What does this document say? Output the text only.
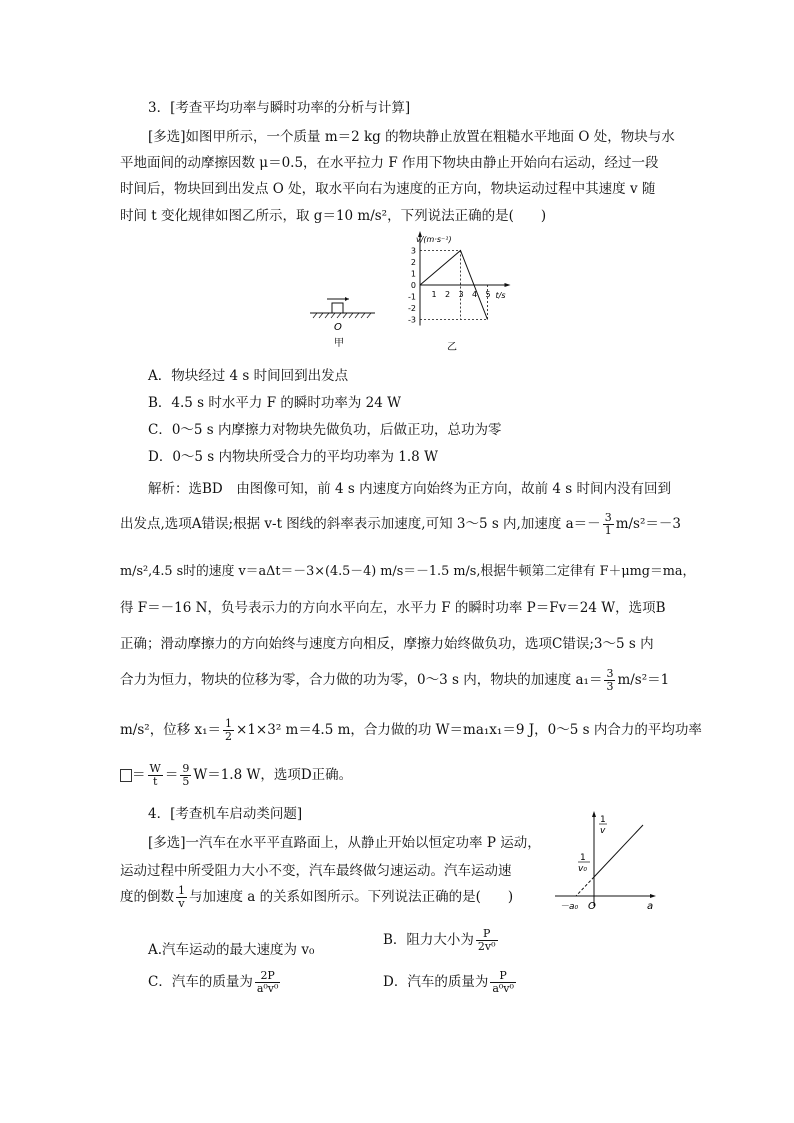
3．[考查平均功率与瞬时功率的分析与计算]
[多选]如图甲所示，一个质量 m＝2 kg 的物块静止放置在粗糙水平地面 O 处，物块与水
平地面间的动摩擦因数 μ＝0.5，在水平拉力 F 作用下物块由静止开始向右运动，经过一段
时间后，物块回到出发点 O 处，取水平向右为速度的正方向，物块运动过程中其速度 v 随
时间 t 变化规律如图乙所示，取 g＝10 m/s²，下列说法正确的是(　　)
O
甲
v/(m·s⁻¹)
t/s
3
2
1
0
-1
-2
-3
1 2 3 4 5
乙
A．物块经过 4 s 时间回到出发点
B．4.5 s 时水平力 F 的瞬时功率为 24 W
C．0～5 s 内摩擦力对物块先做负功，后做正功，总功为零
D．0～5 s 内物块所受合力的平均功率为 1.8 W
解析：选BD　由图像可知，前 4 s 内速度方向始终为正方向，故前 4 s 时间内没有回到
出发点,选项A错误;根据 v-t 图线的斜率表示加速度,可知 3～5 s 内,加速度 $a=- \frac{3}{1} m/s^2=-3$
m/s²,4.5 s时的速度 v＝aΔt＝－3×(4.5－4) m/s＝－1.5 m/s,根据牛顿第二定律有 F＋μmg＝ma，
得 F＝－16 N，负号表示力的方向水平向左，水平力 F 的瞬时功率 P＝Fv＝24 W，选项B
正确；滑动摩擦力的方向始终与速度方向相反，摩擦力始终做负功，选项C错误;3～5 s 内
合力为恒力，物块的位移为零，合力做的功为零，0～3 s 内，物块的加速度 $a_1= \frac{3}{3} m/s^2=1$
m/s²，位移 $x_1= \frac{1}{2} \times 1\times 3^2$ m＝4.5 m，合力做的功 W＝ma₁x₁＝9 J，0～5 s 内合力的平均功率
＝ $\frac{W}{t} = \frac{9}{5} W=1.8$ W，选项D正确。
4．[考查机车启动类问题]
[多选]一汽车在水平平直路面上，从静止开始以恒定功率 P 运动，
运动过程中所受阻力大小不变，汽车最终做匀速运动。汽车运动速
度的倒数 $\frac{1}{v}$ 与加速度 a 的关系如图所示。下列说法正确的是(　　)
1
v
1
v₀
－a₀ O	a
A.汽车运动的最大速度为 v₀
B．阻力大小为 $\frac{P}{\text{2v⁰}}$
C．汽车的质量为 $\frac{2P}{\text{a⁰v⁰}}$	D．汽车的质量为 $\frac{P}{\text{a⁰v⁰}}$
